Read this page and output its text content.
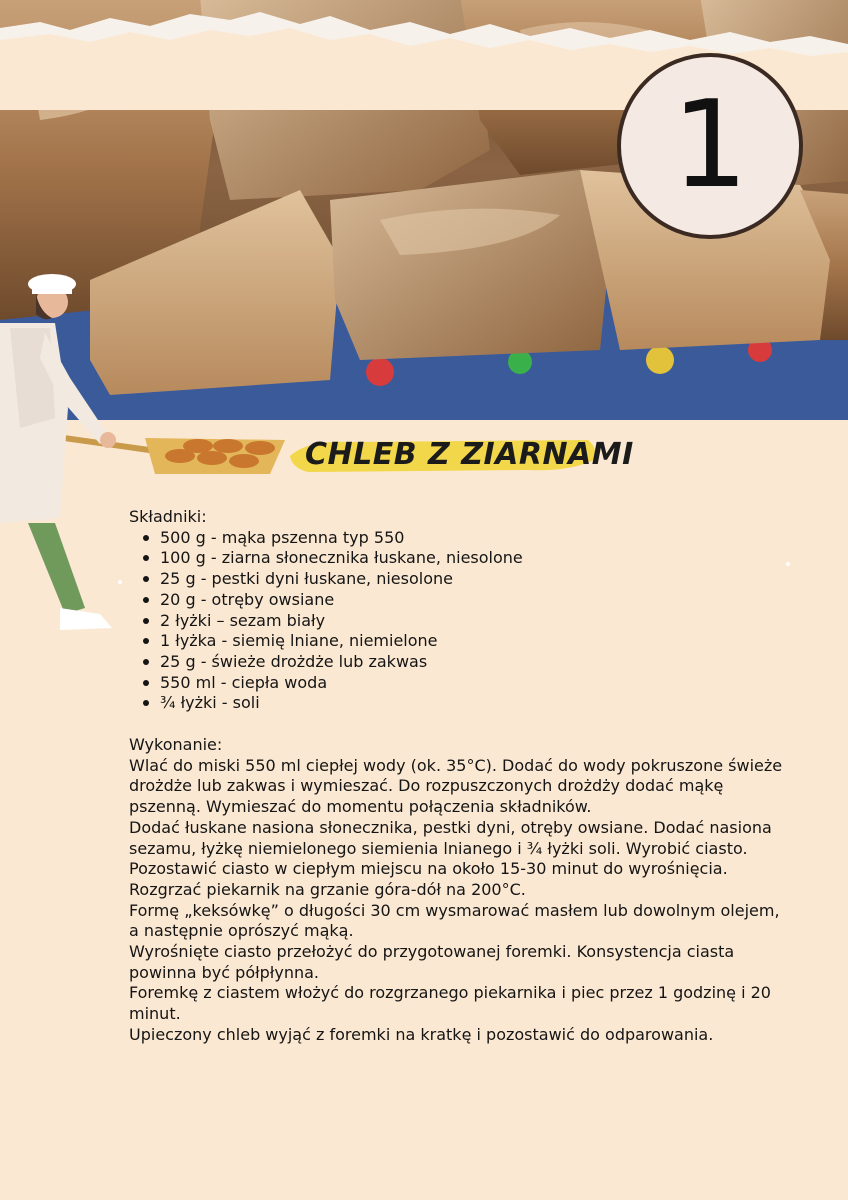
1
CHLEB Z ZIARNAMI

Składniki:

500 g - mąka pszenna typ 550
100 g - ziarna słonecznika łuskane, niesolone
25 g - pestki dyni łuskane, niesolone
20 g - otręby owsiane
2 łyżki – sezam biały
1 łyżka - siemię lniane, niemielone
25 g - świeże drożdże lub zakwas
550 ml - ciepła woda
¾ łyżki - soli

Wykonanie:

Wlać do miski 550 ml ciepłej wody (ok. 35°C). Dodać do wody pokruszone świeże drożdże lub zakwas i wymieszać. Do rozpuszczonych drożdży dodać mąkę pszenną. Wymieszać do momentu połączenia składników.

Dodać łuskane nasiona słonecznika, pestki dyni, otręby owsiane. Dodać nasiona sezamu, łyżkę niemielonego siemienia lnianego i ¾ łyżki soli. Wyrobić ciasto.

Pozostawić ciasto w ciepłym miejscu na około 15-30 minut do wyrośnięcia.

Rozgrzać piekarnik na grzanie góra-dół na 200°C.

Formę „keksówkę” o długości 30 cm wysmarować masłem lub dowolnym olejem, a następnie oprószyć mąką.

Wyrośnięte ciasto przełożyć do przygotowanej foremki. Konsystencja ciasta powinna być półpłynna.

Foremkę z ciastem włożyć do rozgrzanego piekarnika i piec przez 1 godzinę i 20 minut.

Upieczony chleb wyjąć z foremki na kratkę i pozostawić do odparowania.
